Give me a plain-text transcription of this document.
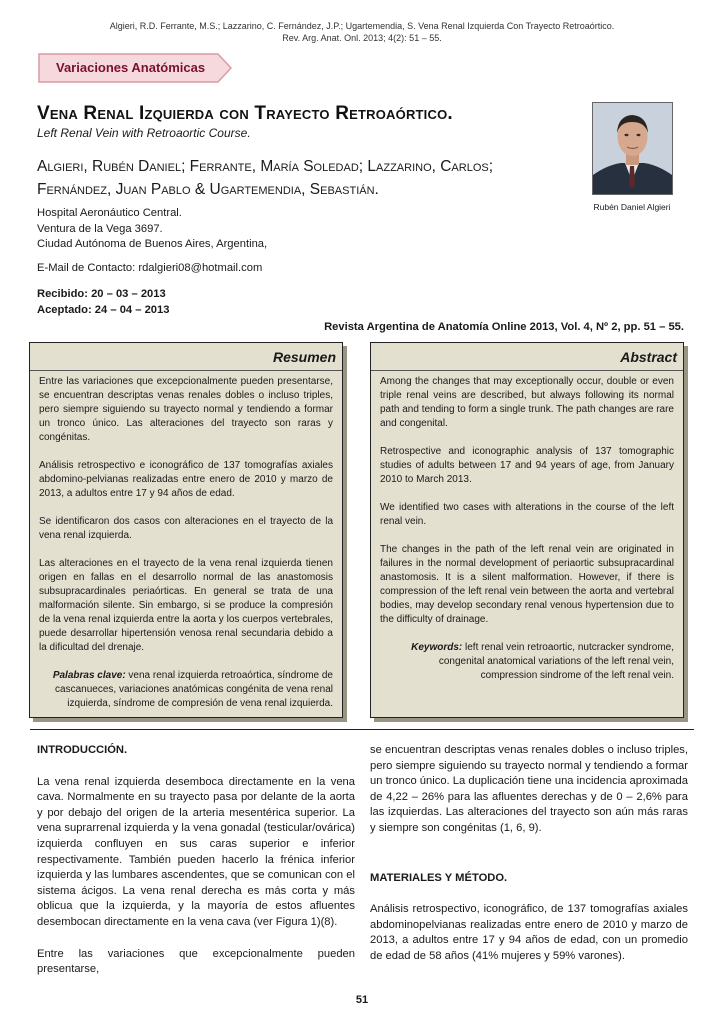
Algieri, R.D. Ferrante, M.S.; Lazzarino, C. Fernández, J.P.; Ugartemendia, S. Vena Renal Izquierda Con Trayecto Retroaórtico.
Rev. Arg. Anat. Onl. 2013; 4(2): 51 – 55.
Variaciones Anatómicas
Vena Renal Izquierda con Trayecto Retroaórtico.
Left Renal Vein with Retroaortic Course.
Algieri, Rubén Daniel; Ferrante, María Soledad; Lazzarino, Carlos;
Fernández, Juan Pablo & Ugartemendia, Sebastián.
Rubén Daniel Algieri
Hospital Aeronáutico Central.
Ventura de la Vega 3697.
Ciudad Autónoma de Buenos Aires, Argentina,
E-Mail de Contacto: rdalgieri08@hotmail.com
Recibido: 20 – 03 – 2013
Aceptado: 24 – 04 – 2013
Revista Argentina de Anatomía Online 2013, Vol. 4, Nº 2, pp. 51 – 55.
Resumen

Entre las variaciones que excepcionalmente pueden presentarse, se encuentran descriptas venas renales dobles o incluso triples, pero siempre siguiendo su trayecto normal y tendiendo a formar un tronco único. Las alteraciones del trayecto son raras y congénitas.

Análisis retrospectivo e iconográfico de 137 tomografías axiales abdomino-pelvianas realizadas entre enero de 2010 y marzo de 2013, a adultos entre 17 y 94 años de edad.

Se identificaron dos casos con alteraciones en el trayecto de la vena renal izquierda.

Las alteraciones en el trayecto de la vena renal izquierda tienen origen en fallas en el desarrollo normal de las anastomosis subsupracardinales periaórticas. En general se trata de una malformación silente. Sin embargo, si se produce la compresión de la vena renal izquierda entre la aorta y los cuerpos vertebrales, puede desarrollar hipertensión venosa renal secundaria debido a la dificultad del drenaje.

Palabras clave: vena renal izquierda retroaórtica, síndrome de cascanueces, variaciones anatómicas congénita de vena renal izquierda, síndrome de compresión de vena renal izquierda.
Abstract

Among the changes that may exceptionally occur, double or even triple renal veins are described, but always following its normal path and tending to form a single trunk. The path changes are rare and congenital.

Retrospective and iconographic analysis of 137 tomographic studies of adults between 17 and 94 years of age, from January 2010 to March 2013.

We identified two cases with alterations in the course of the left renal vein.

The changes in the path of the left renal vein are originated in failures in the normal development of periaortic subsupracardinal anastomosis. It is a silent malformation. However, if there is compression of the left renal vein between the aorta and vertebral bodies, may develop secondary renal venous hypertension due to the difficulty of drainage.

Keywords: left renal vein retroaortic, nutcracker syndrome, congenital anatomical variations of the left renal vein, compression sindrome of the left renal vein.
INTRODUCCIÓN.

La vena renal izquierda desemboca directamente en la vena cava. Normalmente en su trayecto pasa por delante de la aorta y por debajo del origen de la arteria mesentérica superior. La vena suprarrenal izquierda y la vena gonadal (testicular/ovárica) izquierda confluyen en sus caras superior e inferior respectivamente. También pueden hacerlo la frénica inferior izquierda y las lumbares ascendentes, que se comunican con el sistema ácigos. La vena renal derecha es más corta y más oblicua que la izquierda, y la mayoría de estos afluentes desembocan directamente en la vena cava (ver Figura 1)(8).

Entre las variaciones que excepcionalmente pueden presentarse,

se encuentran descriptas venas renales dobles o incluso triples, pero siempre siguiendo su trayecto normal y tendiendo a formar un tronco único. La duplicación tiene una incidencia aproximada de 4,22 – 26% para las afluentes derechas y de 0 – 2,6% para las izquierdas. Las alteraciones del trayecto son aún más raras y siempre son congénitas (1, 6, 9).

MATERIALES Y MÉTODO.

Análisis retrospectivo, iconográfico, de 137 tomografías axiales abdominopelvianas realizadas entre enero de 2010 y marzo de 2013, a adultos entre 17 y 94 años de edad, con un promedio de edad de 58 años (41% mujeres y 59% varones).

51
